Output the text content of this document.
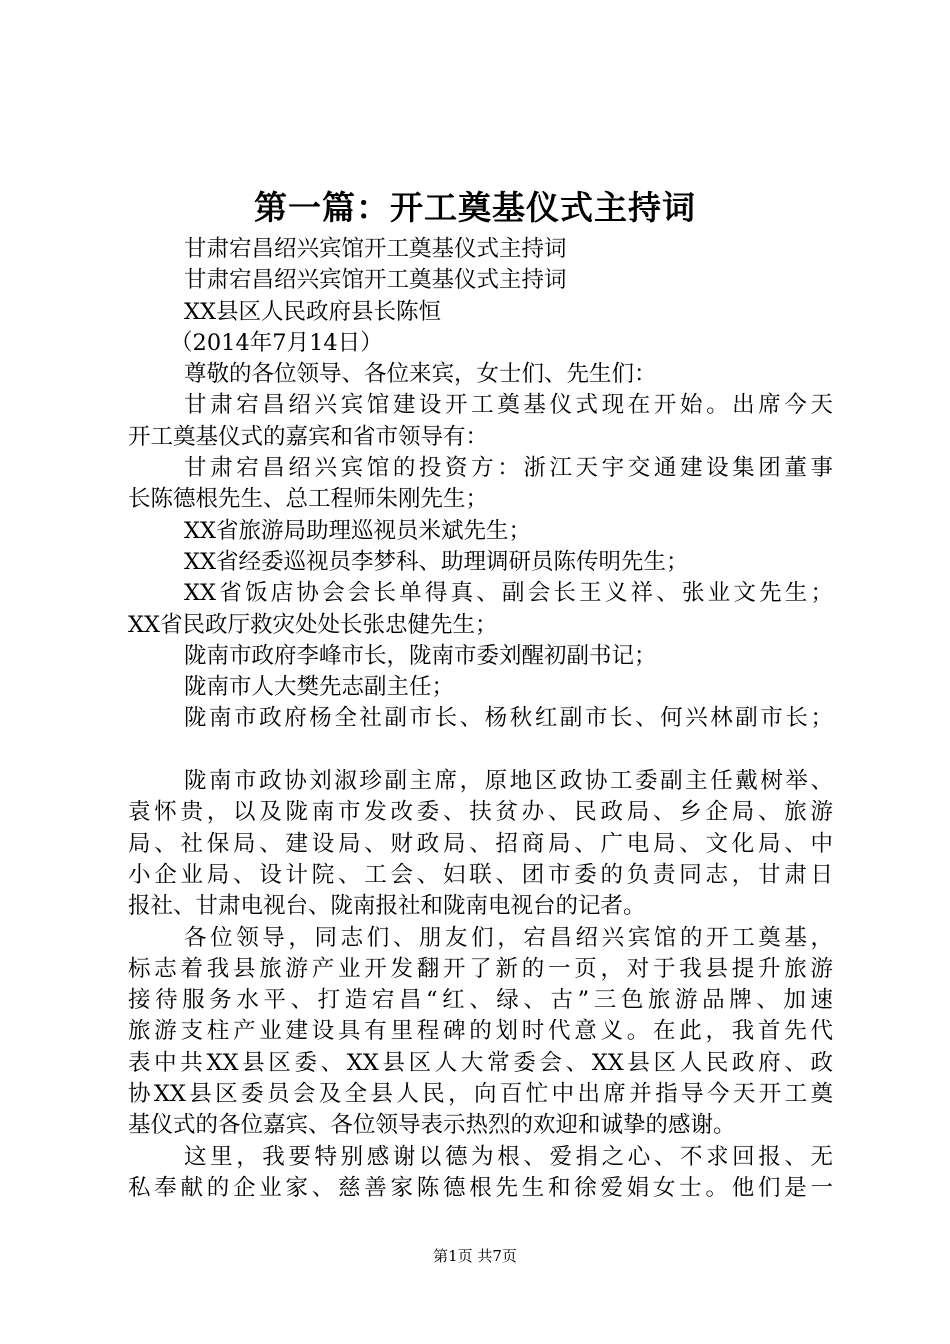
第一篇：开工奠基仪式主持词
甘肃宕昌绍兴宾馆开工奠基仪式主持词
甘肃宕昌绍兴宾馆开工奠基仪式主持词
XX县区人民政府县长陈恒
（2014年7月14日）
尊敬的各位领导、各位来宾，女士们、先生们：
甘肃宕昌绍兴宾馆建设开工奠基仪式现在开始。出席今天
开工奠基仪式的嘉宾和省市领导有：
甘肃宕昌绍兴宾馆的投资方：浙江天宇交通建设集团董事
长陈德根先生、总工程师朱刚先生；
XX省旅游局助理巡视员米斌先生；
XX省经委巡视员李梦科、助理调研员陈传明先生；
XX省饭店协会会长单得真、副会长王义祥、张业文先生；
XX省民政厅救灾处处长张忠健先生；
陇南市政府李峰市长，陇南市委刘醒初副书记；
陇南市人大樊先志副主任；
陇南市政府杨全社副市长、杨秋红副市长、何兴林副市长；
陇南市政协刘淑珍副主席，原地区政协工委副主任戴树举、
袁怀贵，以及陇南市发改委、扶贫办、民政局、乡企局、旅游
局、社保局、建设局、财政局、招商局、广电局、文化局、中
小企业局、设计院、工会、妇联、团市委的负责同志，甘肃日
报社、甘肃电视台、陇南报社和陇南电视台的记者。
各位领导，同志们、朋友们，宕昌绍兴宾馆的开工奠基，
标志着我县旅游产业开发翻开了新的一页，对于我县提升旅游
接待服务水平、打造宕昌“红、绿、古”三色旅游品牌、加速
旅游支柱产业建设具有里程碑的划时代意义。在此，我首先代
表中共XX县区委、XX县区人大常委会、XX县区人民政府、政
协XX县区委员会及全县人民，向百忙中出席并指导今天开工奠
基仪式的各位嘉宾、各位领导表示热烈的欢迎和诚挚的感谢。
这里，我要特别感谢以德为根、爱捐之心、不求回报、无
私奉献的企业家、慈善家陈德根先生和徐爱娟女士。他们是一
第1页 共7页
